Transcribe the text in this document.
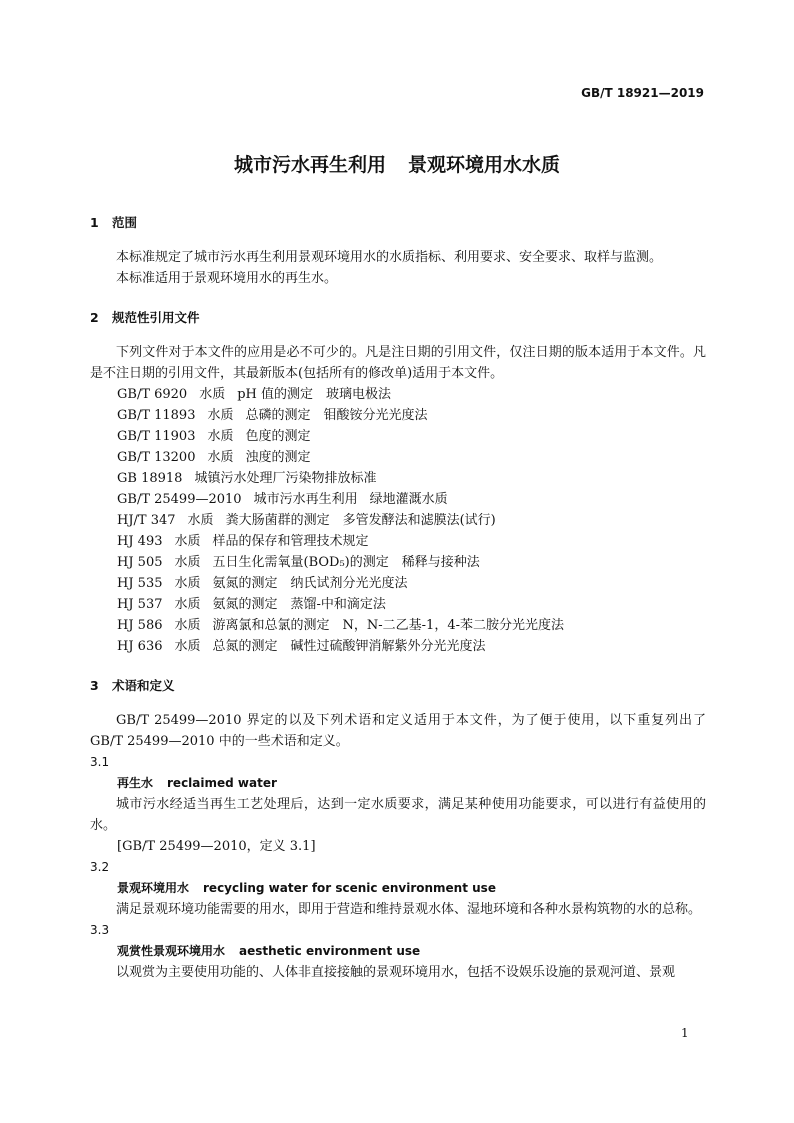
GB/T 18921—2019
城市污水再生利用 景观环境用水水质

1 范围

本标准规定了城市污水再生利用景观环境用水的水质指标、利用要求、安全要求、取样与监测。

本标准适用于景观环境用水的再生水。

2 规范性引用文件

下列文件对于本文件的应用是必不可少的。凡是注日期的引用文件，仅注日期的版本适用于本文件。凡是不注日期的引用文件，其最新版本(包括所有的修改单)适用于本文件。

GB/T 6920 水质 pH 值的测定　玻璃电极法
GB/T 11893 水质 总磷的测定　钼酸铵分光光度法
GB/T 11903 水质 色度的测定
GB/T 13200 水质 浊度的测定
GB 18918 城镇污水处理厂污染物排放标准
GB/T 25499—2010 城市污水再生利用 绿地灌溉水质
HJ/T 347 水质 粪大肠菌群的测定　多管发酵法和滤膜法(试行)
HJ 493 水质 样品的保存和管理技术规定
HJ 505 水质 五日生化需氧量(BOD₅)的测定　稀释与接种法
HJ 535 水质 氨氮的测定　纳氏试剂分光光度法
HJ 537 水质 氨氮的测定　蒸馏-中和滴定法
HJ 586 水质 游离氯和总氯的测定　N，N-二乙基-1，4-苯二胺分光光度法
HJ 636 水质 总氮的测定　碱性过硫酸钾消解紫外分光光度法

3 术语和定义

GB/T 25499—2010 界定的以及下列术语和定义适用于本文件，为了便于使用，以下重复列出了 GB/T 25499—2010 中的一些术语和定义。

3.1

再生水 reclaimed water

城市污水经适当再生工艺处理后，达到一定水质要求，满足某种使用功能要求，可以进行有益使用的水。

[GB/T 25499—2010，定义 3.1]

3.2

景观环境用水 recycling water for scenic environment use

满足景观环境功能需要的用水，即用于营造和维持景观水体、湿地环境和各种水景构筑物的水的总称。

3.3

观赏性景观环境用水 aesthetic environment use

以观赏为主要使用功能的、人体非直接接触的景观环境用水，包括不设娱乐设施的景观河道、景观

1
